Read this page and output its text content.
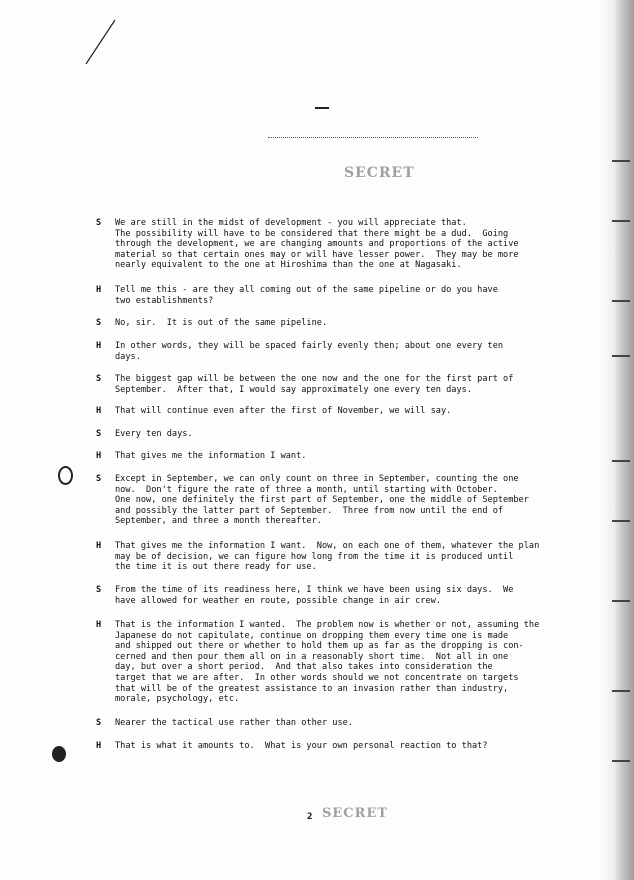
SECRET
S	We are still in the midst of development - you will appreciate that.
The possibility will have to be considered that there might be a dud.  Going
through the development, we are changing amounts and proportions of the active
material so that certain ones may or will have lesser power.  They may be more
nearly equivalent to the one at Hiroshima than the one at Nagasaki.
H	Tell me this - are they all coming out of the same pipeline or do you have
two establishments?
S	No, sir.  It is out of the same pipeline.
H	In other words, they will be spaced fairly evenly then; about one every ten
days.
S	The biggest gap will be between the one now and the one for the first part of
September.  After that, I would say approximately one every ten days.
H	That will continue even after the first of November, we will say.
S	Every ten days.
H	That gives me the information I want.
S	Except in September, we can only count on three in September, counting the one
now.  Don't figure the rate of three a month, until starting with October.
One now, one definitely the first part of September, one the middle of September
and possibly the latter part of September.  Three from now until the end of
September, and three a month thereafter.
H	That gives me the information I want.  Now, on each one of them, whatever the plan
may be of decision, we can figure how long from the time it is produced until
the time it is out there ready for use.
S	From the time of its readiness here, I think we have been using six days.  We
have allowed for weather en route, possible change in air crew.
H	That is the information I wanted.  The problem now is whether or not, assuming the
Japanese do not capitulate, continue on dropping them every time one is made
and shipped out there or whether to hold them up as far as the dropping is con-
cerned and then pour them all on in a reasonably short time.  Not all in one
day, but over a short period.  And that also takes into consideration the
target that we are after.  In other words should we not concentrate on targets
that will be of the greatest assistance to an invasion rather than industry,
morale, psychology, etc.
S	Nearer the tactical use rather than other use.
H	That is what it amounts to.  What is your own personal reaction to that?
2 SECRET
